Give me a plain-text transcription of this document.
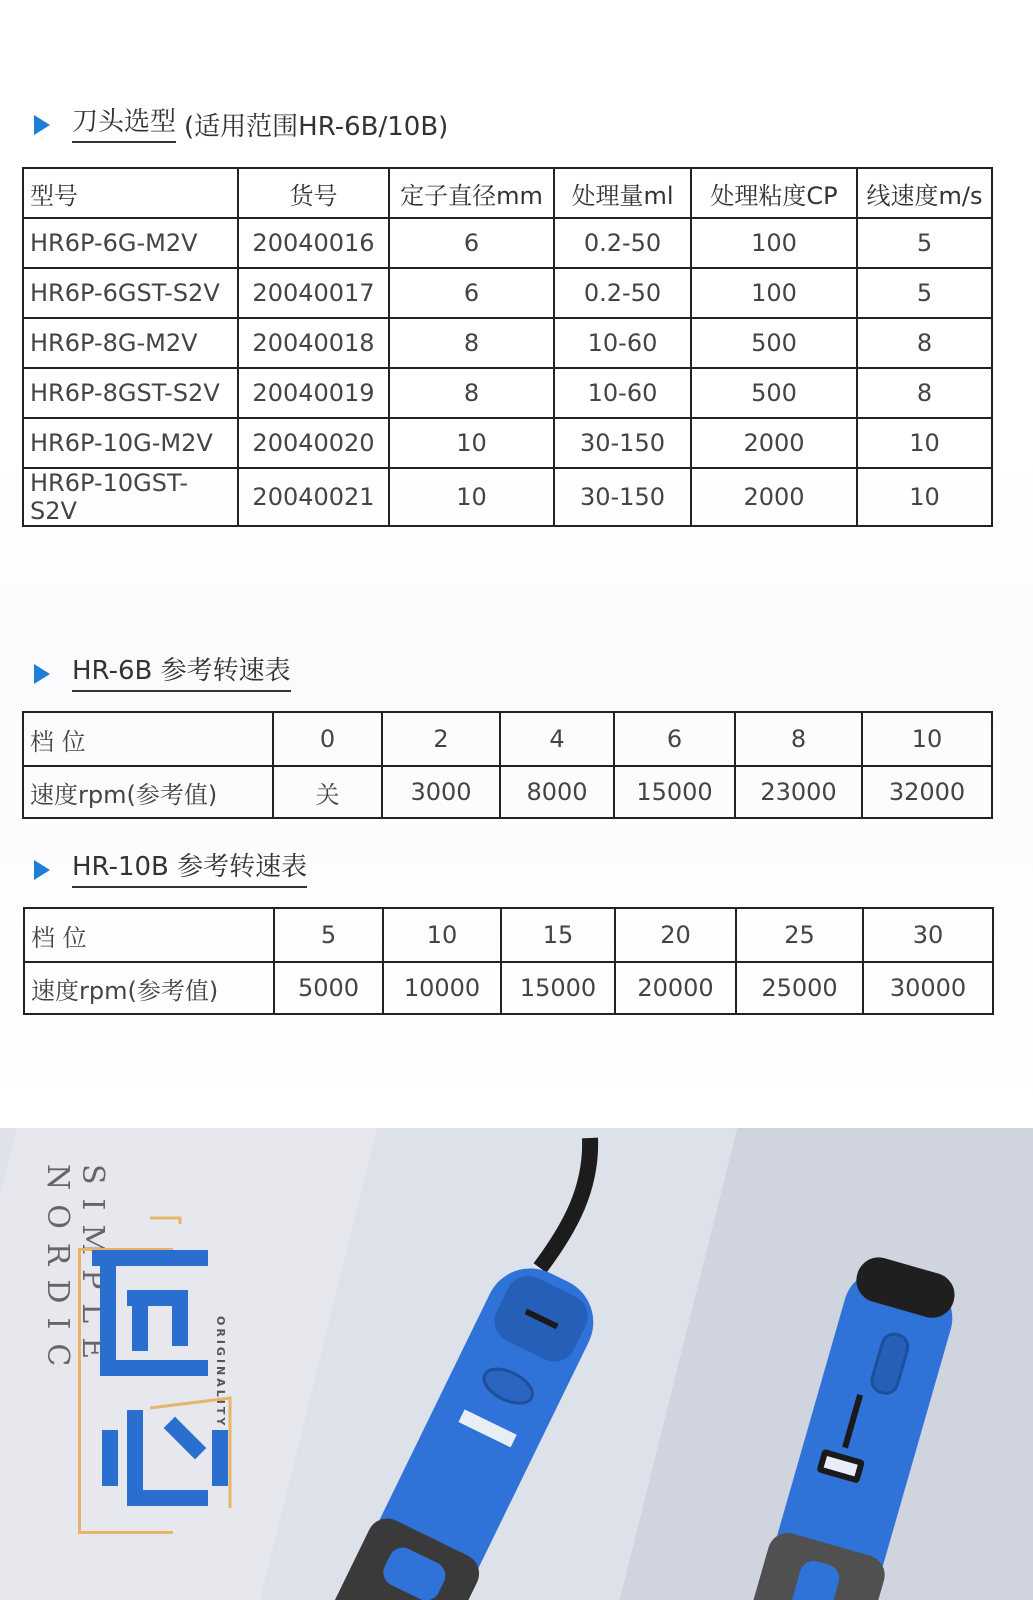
刀头选型 (适用范围HR-6B/10B)
型号	货号	定子直径mm	处理量ml	处理粘度CP	线速度m/s
HR6P-6G-M2V	20040016	6	0.2-50	100	5
HR6P-6GST-S2V	20040017	6	0.2-50	100	5
HR6P-8G-M2V	20040018	8	10-60	500	8
HR6P-8GST-S2V	20040019	8	10-60	500	8
HR6P-10G-M2V	20040020	10	30-150	2000	10
HR6P-10GST-S2V	20040021	10	30-150	2000	10
HR-6B 参考转速表
档 位	0	2	4	6	8	10
速度rpm(参考值)	关	3000	8000	15000	23000	32000
HR-10B 参考转速表
档 位	5	10	15	20	25	30
速度rpm(参考值)	5000	10000	15000	20000	25000	30000
SIMPLE NORDIC	ORIGINALITY
